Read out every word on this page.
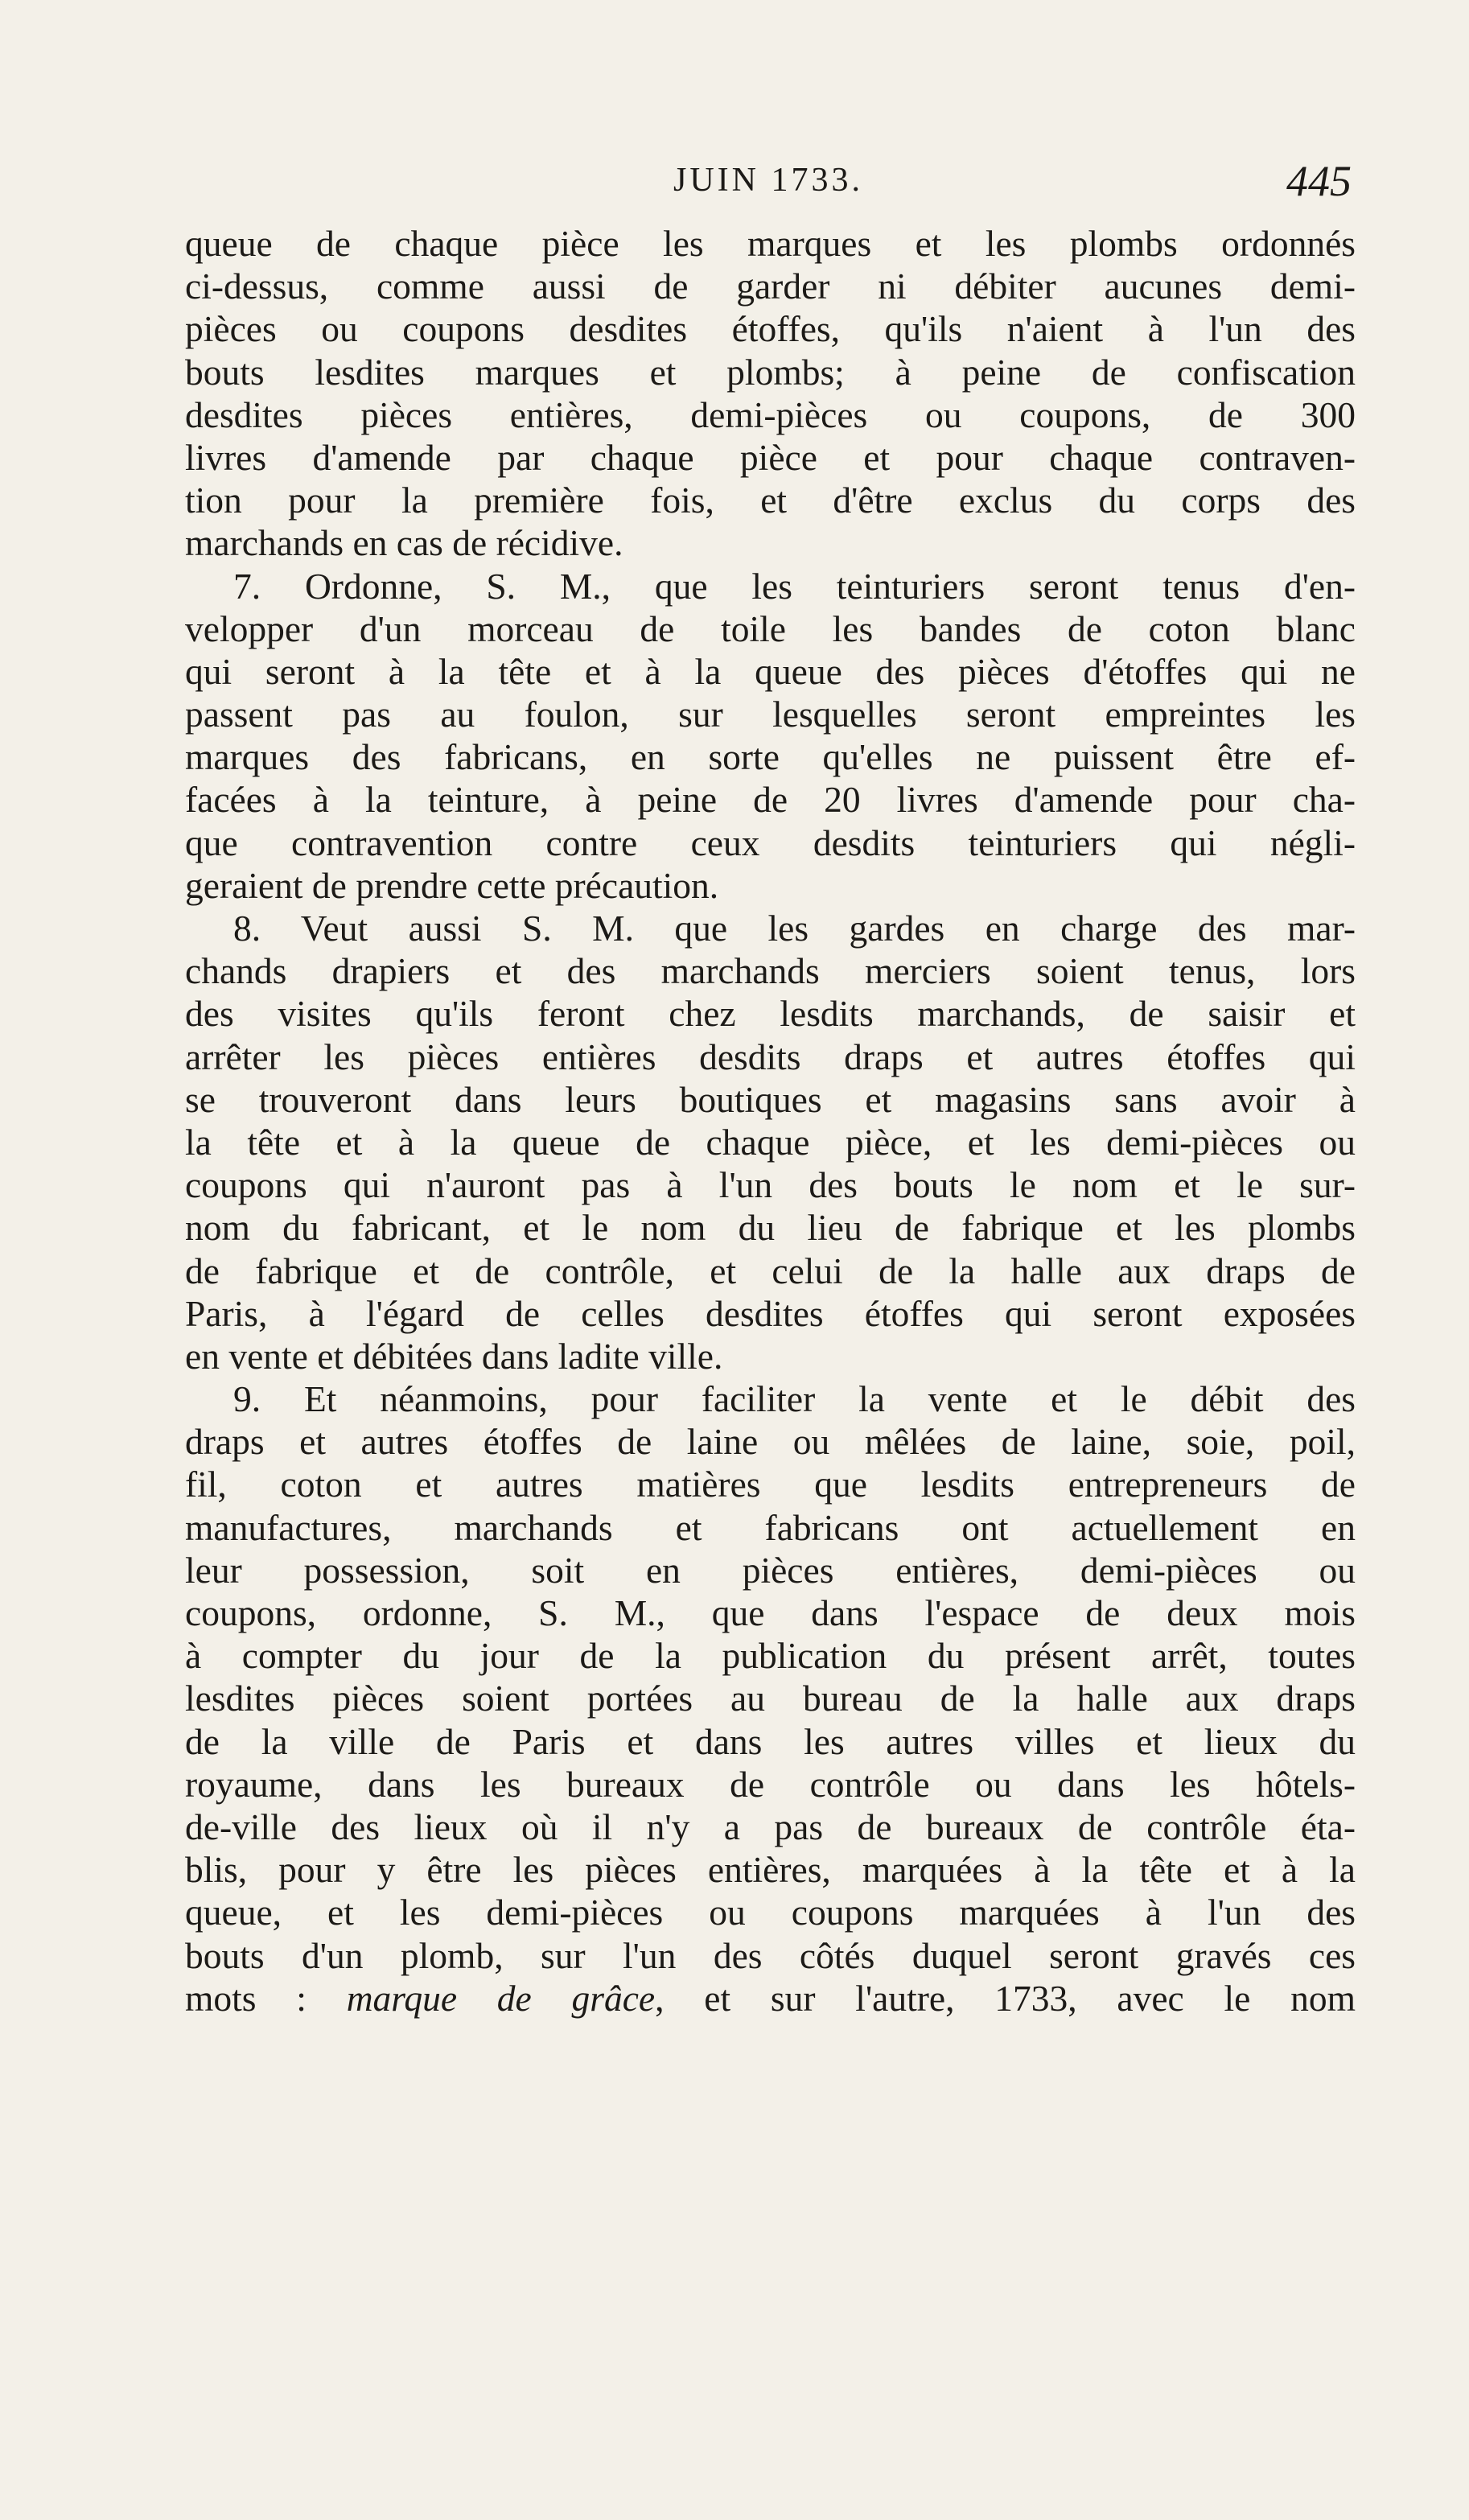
JUIN 1733.	445
queue de chaque pièce les marques et les plombs ordonnés
ci-dessus, comme aussi de garder ni débiter aucunes demi-
pièces ou coupons desdites étoffes, qu'ils n'aient à l'un des
bouts lesdites marques et plombs; à peine de confiscation
desdites pièces entières, demi-pièces ou coupons, de 300
livres d'amende par chaque pièce et pour chaque contraven-
tion pour la première fois, et d'être exclus du corps des
marchands en cas de récidive.
7. Ordonne, S. M., que les teinturiers seront tenus d'en-
velopper d'un morceau de toile les bandes de coton blanc
qui seront à la tête et à la queue des pièces d'étoffes qui ne
passent pas au foulon, sur lesquelles seront empreintes les
marques des fabricans, en sorte qu'elles ne puissent être ef-
facées à la teinture, à peine de 20 livres d'amende pour cha-
que contravention contre ceux desdits teinturiers qui négli-
geraient de prendre cette précaution.
8. Veut aussi S. M. que les gardes en charge des mar-
chands drapiers et des marchands merciers soient tenus, lors
des visites qu'ils feront chez lesdits marchands, de saisir et
arrêter les pièces entières desdits draps et autres étoffes qui
se trouveront dans leurs boutiques et magasins sans avoir à
la tête et à la queue de chaque pièce, et les demi-pièces ou
coupons qui n'auront pas à l'un des bouts le nom et le sur-
nom du fabricant, et le nom du lieu de fabrique et les plombs
de fabrique et de contrôle, et celui de la halle aux draps de
Paris, à l'égard de celles desdites étoffes qui seront exposées
en vente et débitées dans ladite ville.
9. Et néanmoins, pour faciliter la vente et le débit des
draps et autres étoffes de laine ou mêlées de laine, soie, poil,
fil, coton et autres matières que lesdits entrepreneurs de
manufactures, marchands et fabricans ont actuellement en
leur possession, soit en pièces entières, demi-pièces ou
coupons, ordonne, S. M., que dans l'espace de deux mois
à compter du jour de la publication du présent arrêt, toutes
lesdites pièces soient portées au bureau de la halle aux draps
de la ville de Paris et dans les autres villes et lieux du
royaume, dans les bureaux de contrôle ou dans les hôtels-
de-ville des lieux où il n'y a pas de bureaux de contrôle éta-
blis, pour y être les pièces entières, marquées à la tête et à la
queue, et les demi-pièces ou coupons marquées à l'un des
bouts d'un plomb, sur l'un des côtés duquel seront gravés ces
mots : marque de grâce, et sur l'autre, 1733, avec le nom
